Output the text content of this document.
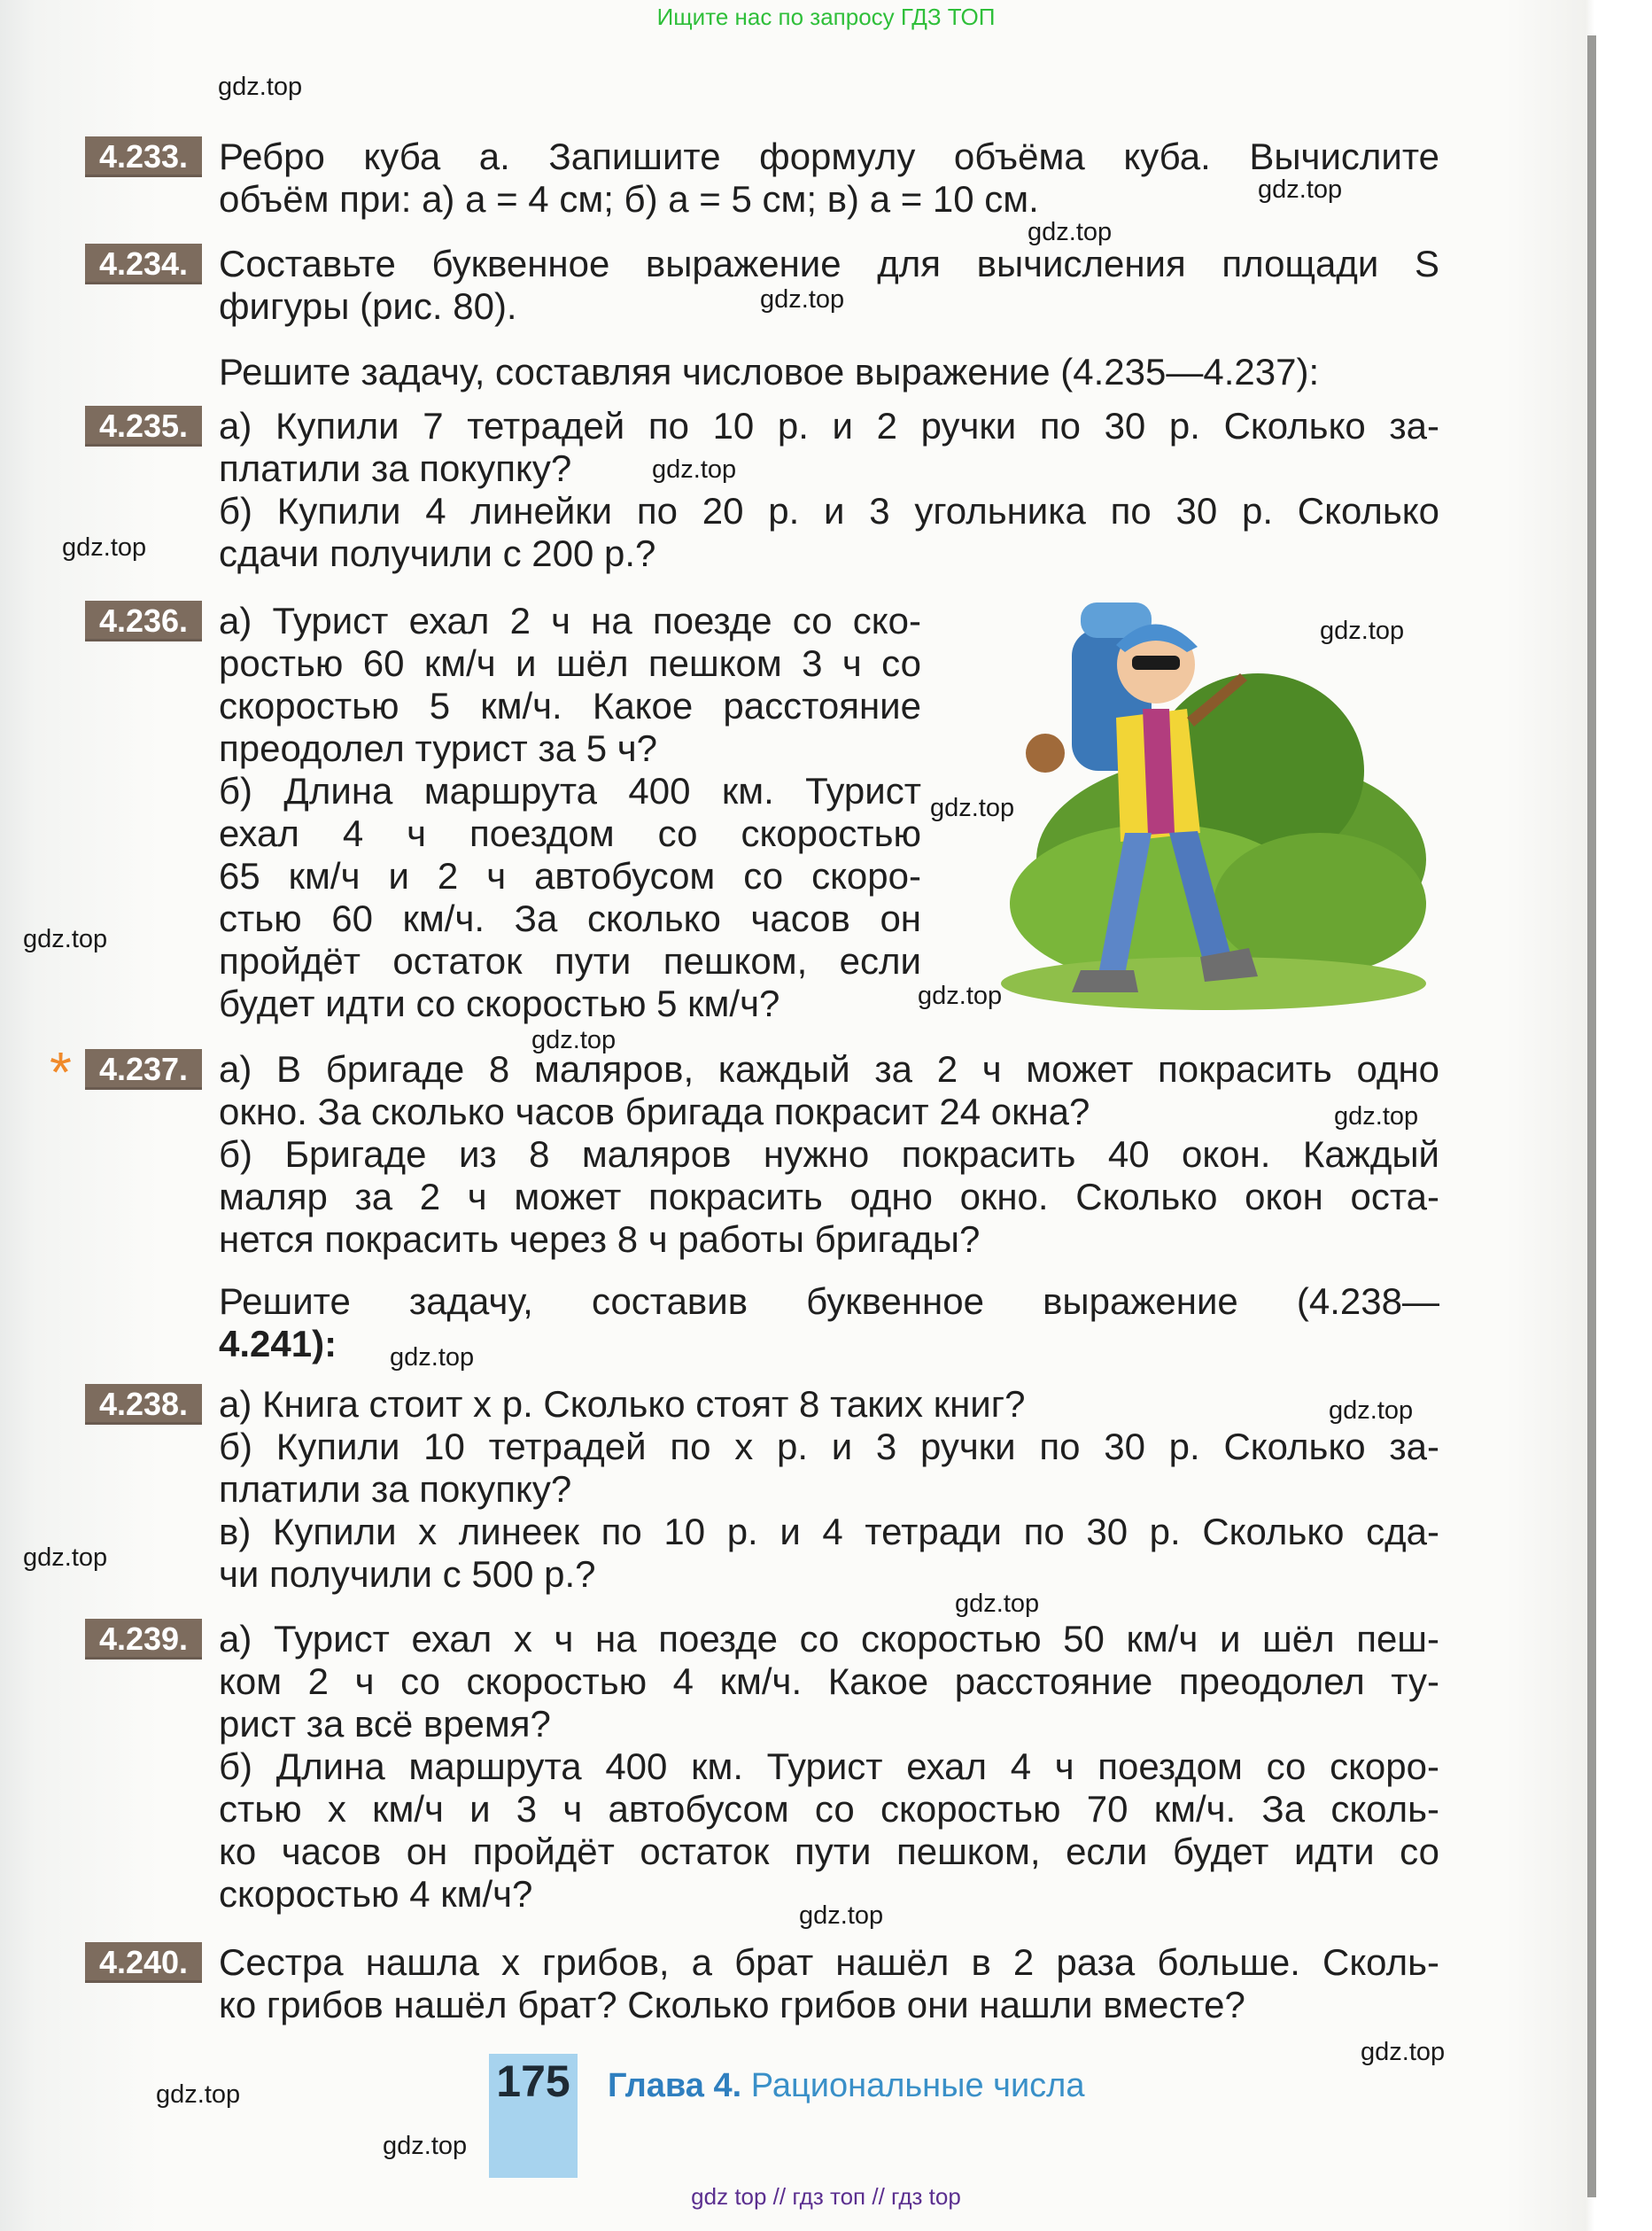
Ищите нас по запросу ГДЗ ТОП
gdz.top
gdz.top
gdz.top
gdz.top
gdz.top
gdz.top
gdz.top
gdz.top
gdz.top
gdz.top
gdz.top
gdz.top
gdz.top
gdz.top
gdz.top
gdz.top
gdz.top
gdz.top
gdz.top
gdz.top
4.233. Ребро куба a. Запишите формулу объёма куба. Вычислите
объём при: а) a = 4 см; б) a = 5 см; в) a = 10 см.
4.234. Составьте буквенное выражение для вычисления площади S
фигуры (рис. 80).
Решите задачу, составляя числовое выражение (4.235—4.237):
4.235. а) Купили 7 тетрадей по 10 р. и 2 ручки по 30 р. Сколько за-
платили за покупку?
б) Купили 4 линейки по 20 р. и 3 угольника по 30 р. Сколько
сдачи получили с 200 р.?
4.236. а) Турист ехал 2 ч на поезде со ско-
ростью 60 км/ч и шёл пешком 3 ч со
скоростью 5 км/ч. Какое расстояние
преодолел турист за 5 ч?
б) Длина маршрута 400 км. Турист
ехал 4 ч поездом со скоростью
65 км/ч и 2 ч автобусом со скоро-
стью 60 км/ч. За сколько часов он
пройдёт остаток пути пешком, если
будет идти со скоростью 5 км/ч?
* 4.237. а) В бригаде 8 маляров, каждый за 2 ч может покрасить одно
окно. За сколько часов бригада покрасит 24 окна?
б) Бригаде из 8 маляров нужно покрасить 40 окон. Каждый
маляр за 2 ч может покрасить одно окно. Сколько окон оста-
нется покрасить через 8 ч работы бригады?
Решите задачу, составив буквенное выражение (4.238—
4.241):
4.238. а) Книга стоит x р. Сколько стоят 8 таких книг?
б) Купили 10 тетрадей по x р. и 3 ручки по 30 р. Сколько за-
платили за покупку?
в) Купили x линеек по 10 р. и 4 тетради по 30 р. Сколько сда-
чи получили с 500 р.?
4.239. а) Турист ехал x ч на поезде со скоростью 50 км/ч и шёл пеш-
ком 2 ч со скоростью 4 км/ч. Какое расстояние преодолел ту-
рист за всё время?
б) Длина маршрута 400 км. Турист ехал 4 ч поездом со скоро-
стью x км/ч и 3 ч автобусом со скоростью 70 км/ч. За сколь-
ко часов он пройдёт остаток пути пешком, если будет идти со
скоростью 4 км/ч?
4.240. Сестра нашла x грибов, а брат нашёл в 2 раза больше. Сколь-
ко грибов нашёл брат? Сколько грибов они нашли вместе?
175 Глава 4. Рациональные числа
gdz top // гдз топ // гдз top
